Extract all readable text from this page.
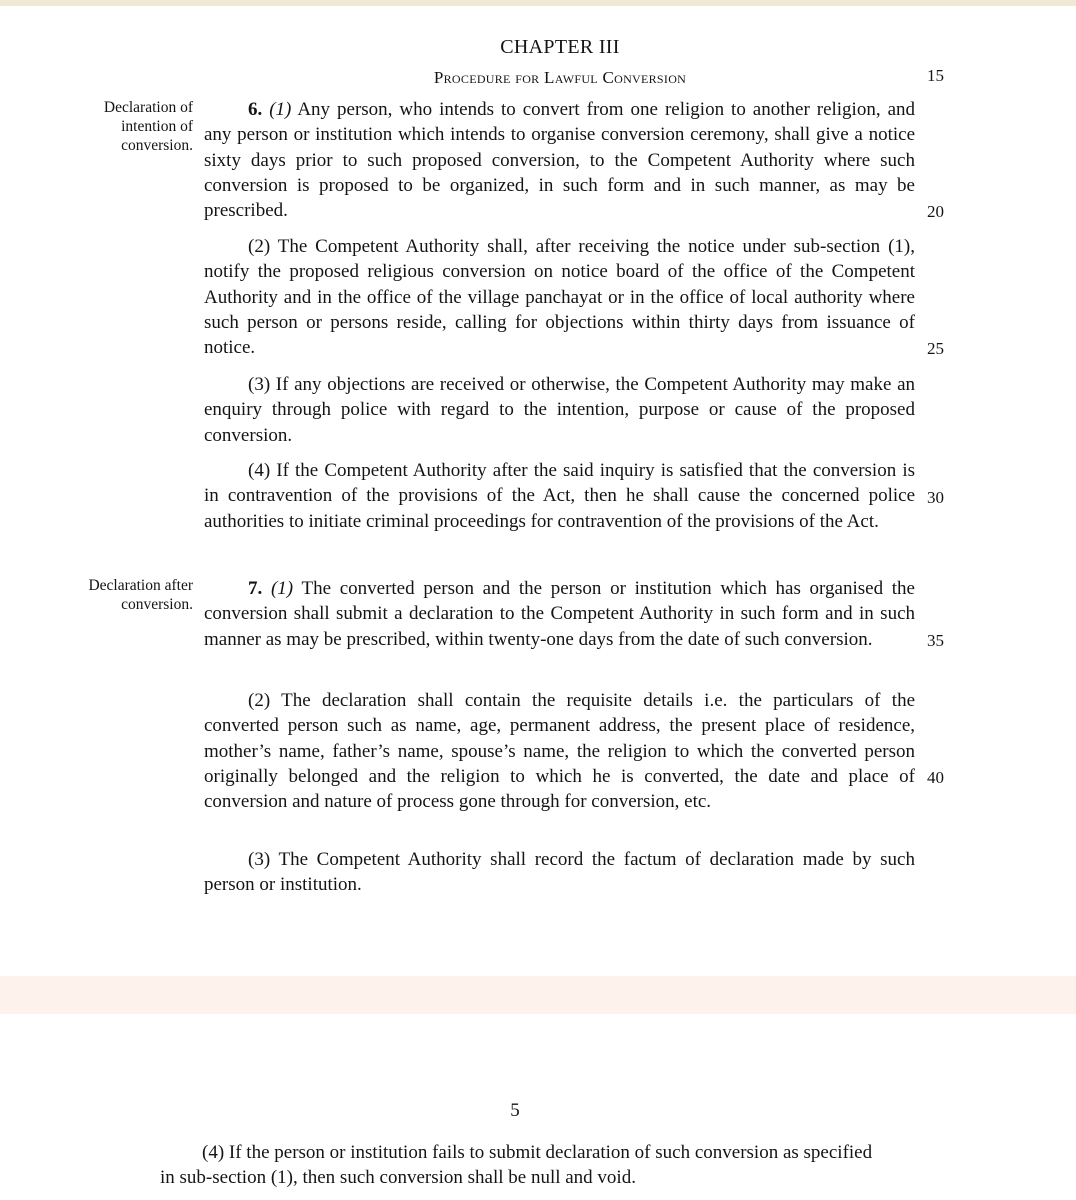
CHAPTER III
Procedure for Lawful Conversion	15
20
25
30
35
40
Declaration of intention of conversion.
Declaration after conversion.
6. (1) Any person, who intends to convert from one religion to another religion, and any person or institution which intends to organise conversion ceremony, shall give a notice sixty days prior to such proposed conversion, to the Competent Authority where such conversion is proposed to be organized, in such form and in such manner, as may be prescribed.
(2) The Competent Authority shall, after receiving the notice under sub-section (1), notify the proposed religious conversion on notice board of the office of the Competent Authority and in the office of the village panchayat or in the office of local authority where such person or persons reside, calling for objections within thirty days from issuance of notice.
(3) If any objections are received or otherwise, the Competent Authority may make an enquiry through police with regard to the intention, purpose or cause of the proposed conversion.
(4) If the Competent Authority after the said inquiry is satisfied that the conversion is in contravention of the provisions of the Act, then he shall cause the concerned police authorities to initiate criminal proceedings for contravention of the provisions of the Act.
7. (1) The converted person and the person or institution which has organised the conversion shall submit a declaration to the Competent Authority in such form and in such manner as may be prescribed, within twenty-one days from the date of such conversion.
(2) The declaration shall contain the requisite details i.e. the particulars of the converted person such as name, age, permanent address, the present place of residence, mother’s name, father’s name, spouse’s name, the religion to which the converted person originally belonged and the religion to which he is converted, the date and place of conversion and nature of process gone through for conversion, etc.
(3) The Competent Authority shall record the factum of declaration made by such person or institution.
5
(4) If the person or institution fails to submit declaration of such conversion as specified in sub-section (1), then such conversion shall be null and void.
